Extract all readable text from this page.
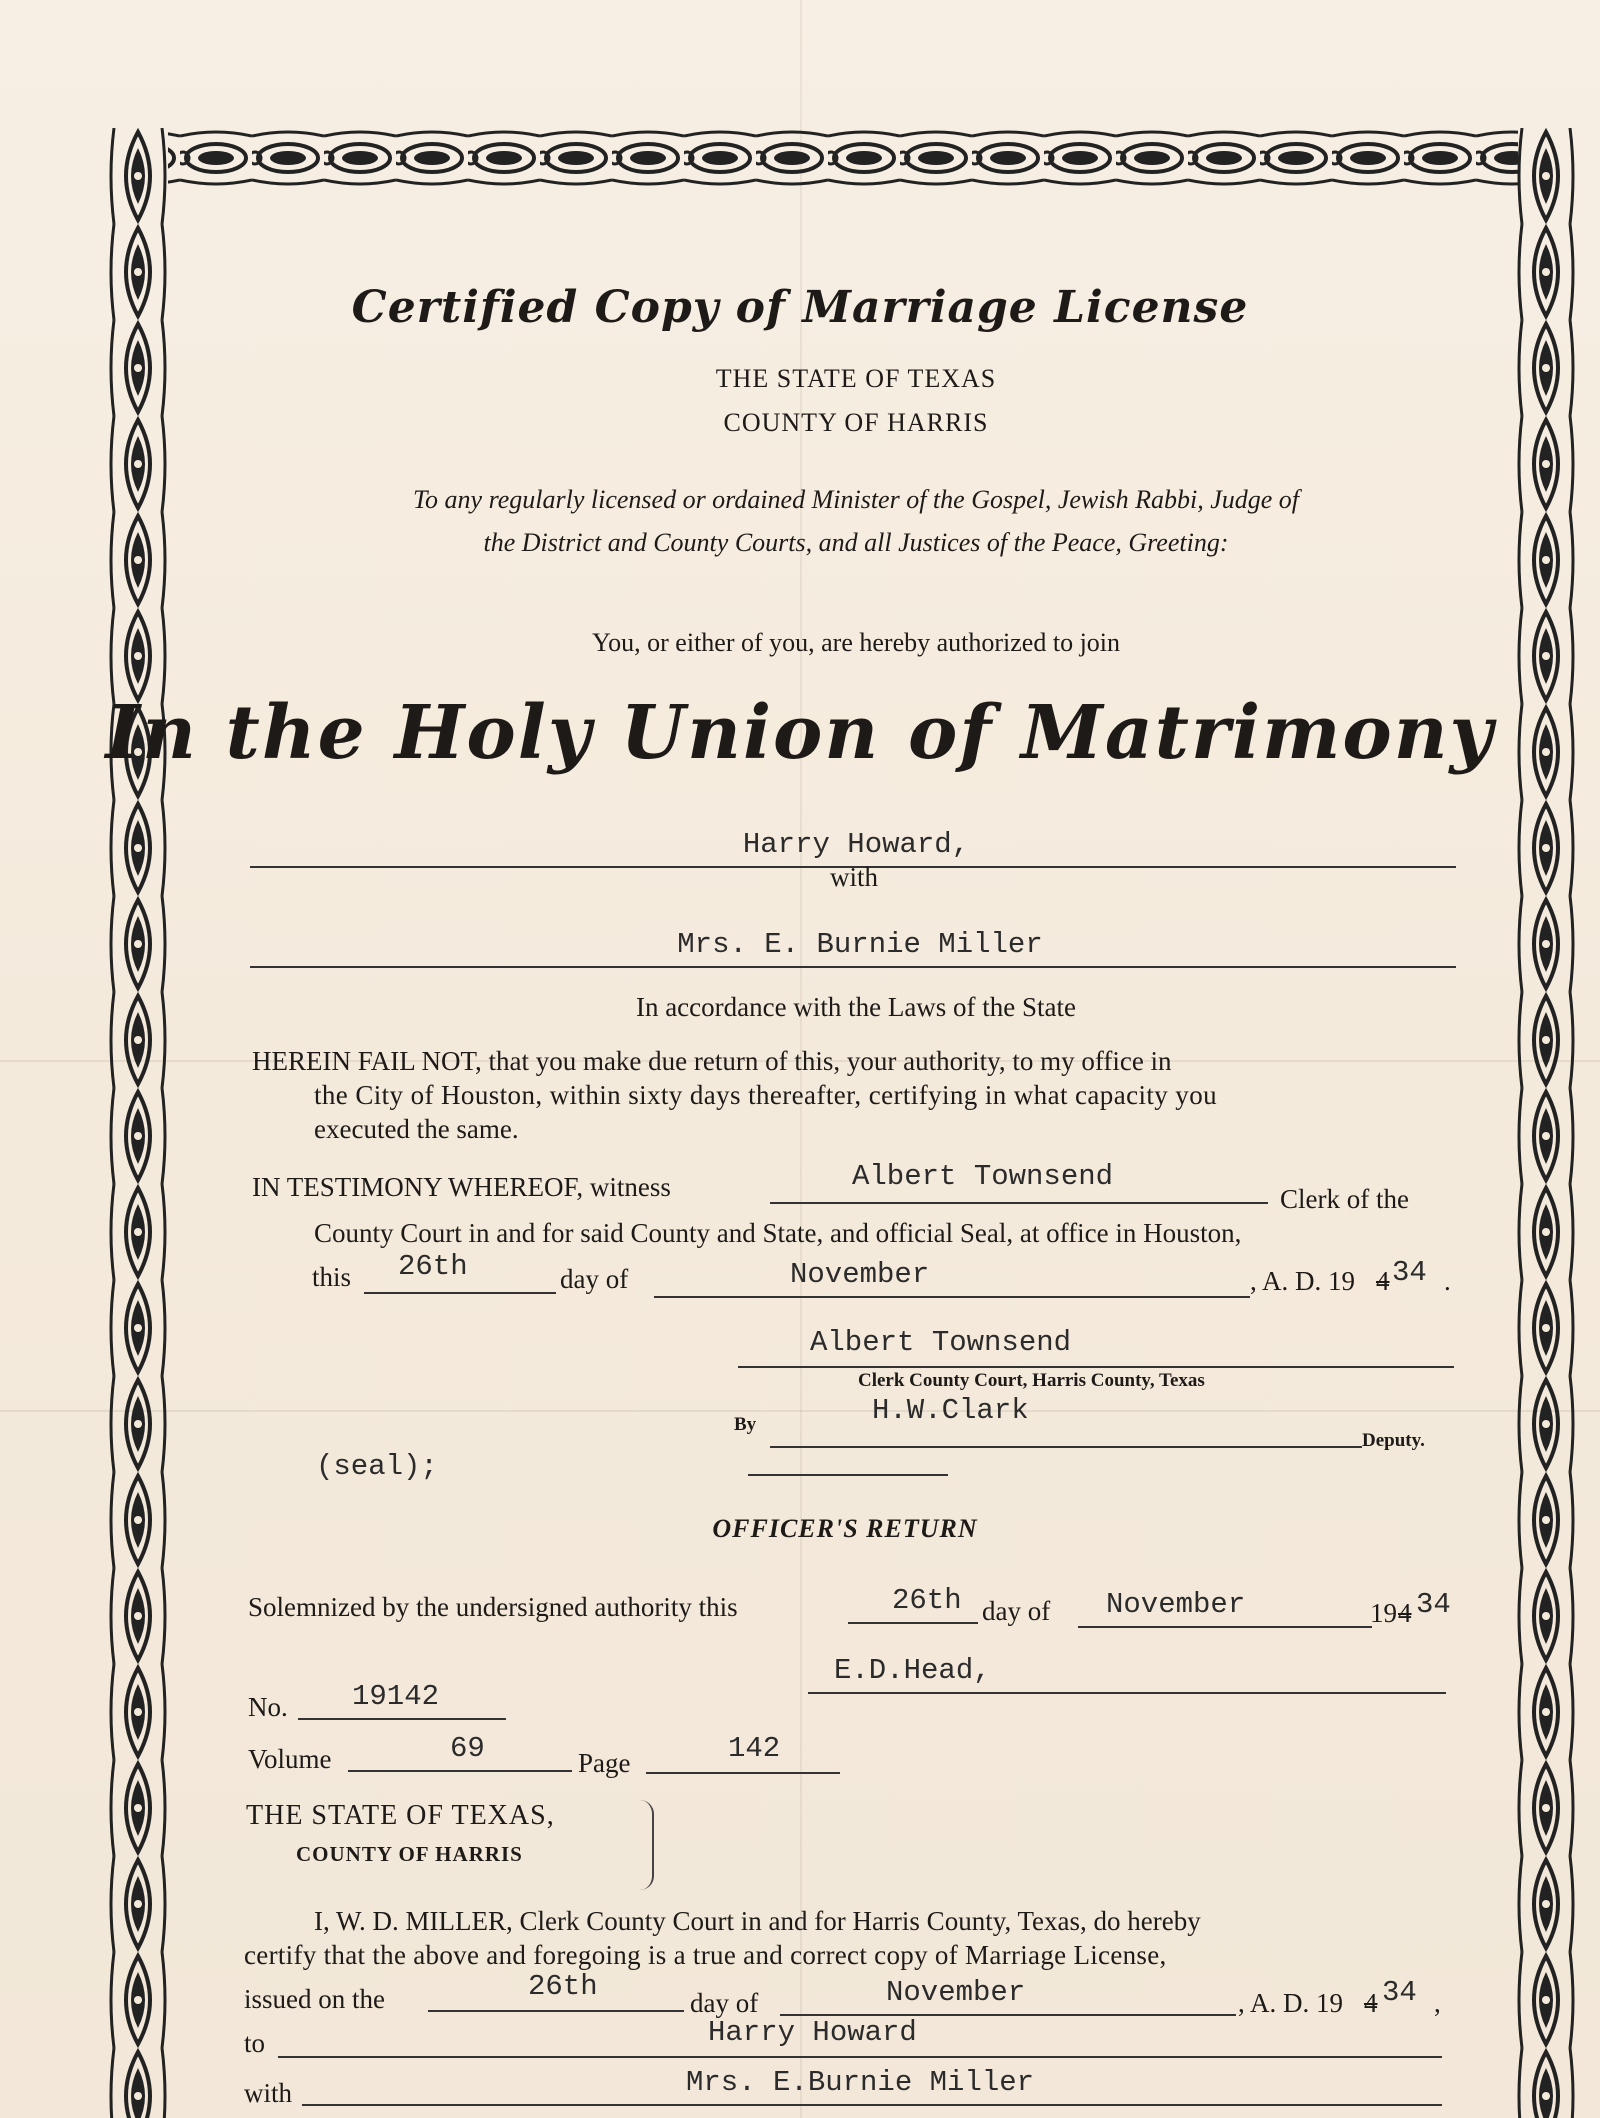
Certified Copy of Marriage License
THE STATE OF TEXAS
COUNTY OF HARRIS
To any regularly licensed or ordained Minister of the Gospel, Jewish Rabbi, Judge of
the District and County Courts, and all Justices of the Peace, Greeting:
You, or either of you, are hereby authorized to join
In the Holy Union of Matrimony
Harry Howard,
with
Mrs. E. Burnie Miller
In accordance with the Laws of the State
HEREIN FAIL NOT, that you make due return of this, your authority, to my office in
the City of Houston, within sixty days thereafter, certifying in what capacity you
executed the same.
IN TESTIMONY WHEREOF, witness	Albert Townsend
Clerk of the
County Court in and for said County and State, and official Seal, at office in Houston,
this 26th	day of	November	, A. D. 19 4 34 .
Albert Townsend
Clerk County Court, Harris County, Texas
By	H.W.Clark
Deputy.
(seal);
OFFICER'S RETURN
Solemnized by the undersigned authority this	26th day of November	19 4 34
E.D.Head,
No. 19142
Volume	69	Page	142
THE STATE OF TEXAS,
COUNTY OF HARRIS
I, W. D. MILLER, Clerk County Court in and for Harris County, Texas, do hereby
certify that the above and foregoing is a true and correct copy of Marriage License,
issued on the	26th	day of	November	, A. D. 19 4 34 ,
to	Harry Howard
with	Mrs. E.Burnie Miller
